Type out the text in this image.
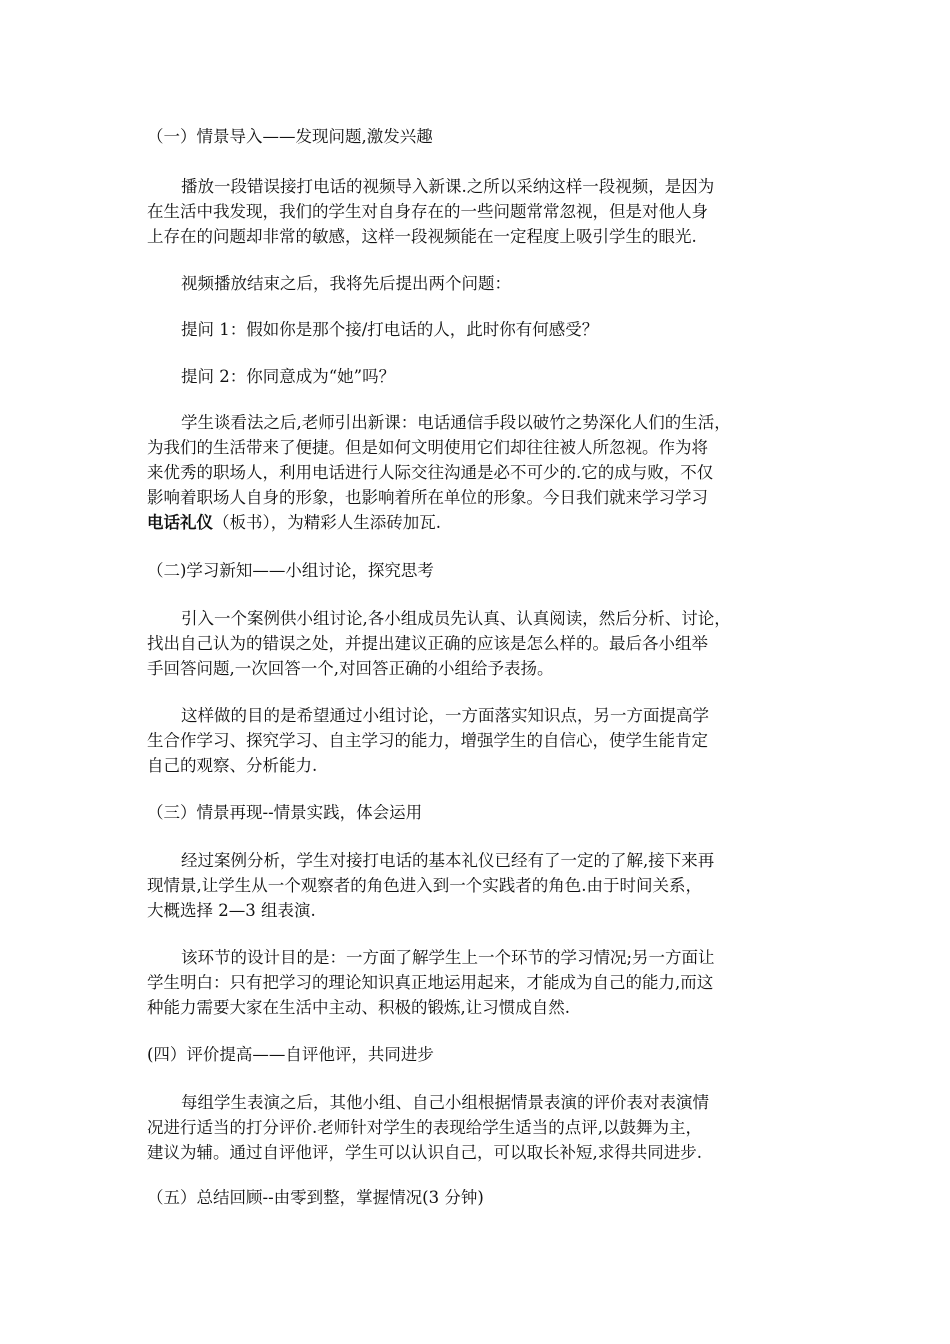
（一）情景导入——发现问题,激发兴趣
播放一段错误接打电话的视频导入新课.之所以采纳这样一段视频，是因为
在生活中我发现，我们的学生对自身存在的一些问题常常忽视，但是对他人身
上存在的问题却非常的敏感，这样一段视频能在一定程度上吸引学生的眼光.
视频播放结束之后，我将先后提出两个问题：
提问 1：假如你是那个接/打电话的人，此时你有何感受？
提问 2：你同意成为“她”吗？
学生谈看法之后,老师引出新课：电话通信手段以破竹之势深化人们的生活，
为我们的生活带来了便捷。但是如何文明使用它们却往往被人所忽视。作为将
来优秀的职场人，利用电话进行人际交往沟通是必不可少的.它的成与败，不仅
影响着职场人自身的形象，也影响着所在单位的形象。今日我们就来学习学习
电话礼仪（板书），为精彩人生添砖加瓦.
（二)学习新知——小组讨论，探究思考
引入一个案例供小组讨论,各小组成员先认真、认真阅读，然后分析、讨论，
找出自己认为的错误之处，并提出建议正确的应该是怎么样的。最后各小组举
手回答问题,一次回答一个,对回答正确的小组给予表扬。
这样做的目的是希望通过小组讨论，一方面落实知识点，另一方面提高学
生合作学习、探究学习、自主学习的能力，增强学生的自信心，使学生能肯定
自己的观察、分析能力.
（三）情景再现--情景实践，体会运用
经过案例分析，学生对接打电话的基本礼仪已经有了一定的了解,接下来再
现情景,让学生从一个观察者的角色进入到一个实践者的角色.由于时间关系，
大概选择 2—3 组表演.
该环节的设计目的是：一方面了解学生上一个环节的学习情况;另一方面让
学生明白：只有把学习的理论知识真正地运用起来，才能成为自己的能力,而这
种能力需要大家在生活中主动、积极的锻炼,让习惯成自然.
(四）评价提高——自评他评，共同进步
每组学生表演之后，其他小组、自己小组根据情景表演的评价表对表演情
况进行适当的打分评价.老师针对学生的表现给学生适当的点评,以鼓舞为主，
建议为辅。通过自评他评，学生可以认识自己，可以取长补短,求得共同进步.
（五）总结回顾--由零到整，掌握情况(3 分钟)
